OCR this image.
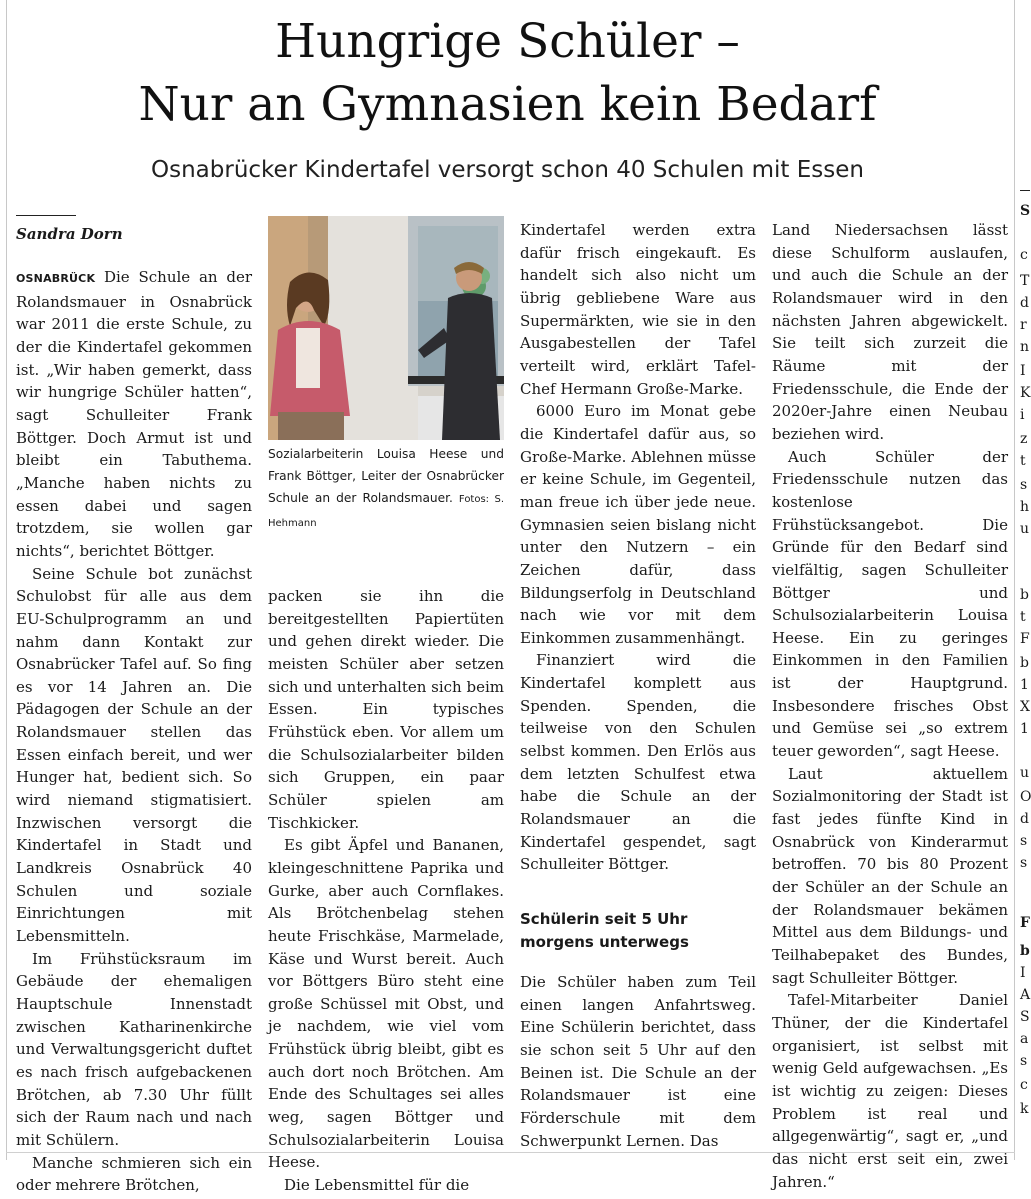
Hungrige Schüler –
Nur an Gymnasien kein Bedarf
Osnabrücker Kindertafel versorgt schon 40 Schulen mit Essen
Sandra Dorn

OSNABRÜCK Die Schule an der Rolandsmauer in Osnabrück war 2011 die erste Schule, zu der die Kindertafel gekommen ist. „Wir haben gemerkt, dass wir hungrige Schüler hatten“, sagt Schulleiter Frank Böttger. Doch Armut ist und bleibt ein Tabuthema. „Manche haben nichts zu essen dabei und sagen trotzdem, sie wollen gar nichts“, berichtet Böttger.

Seine Schule bot zunächst Schulobst für alle aus dem EU-Schulprogramm an und nahm dann Kontakt zur Osnabrücker Tafel auf. So fing es vor 14 Jahren an. Die Pädagogen der Schule an der Rolandsmauer stellen das Essen einfach bereit, und wer Hunger hat, bedient sich. So wird niemand stigmatisiert. Inzwischen versorgt die Kindertafel in Stadt und Landkreis Osnabrück 40 Schulen und soziale Einrichtungen mit Lebensmitteln.

Im Frühstücksraum im Gebäude der ehemaligen Hauptschule Innenstadt zwischen Katharinenkirche und Verwaltungsgericht duftet es nach frisch aufgebackenen Brötchen, ab 7.30 Uhr füllt sich der Raum nach und nach mit Schülern.

Manche schmieren sich ein oder mehrere Brötchen,

Sozialarbeiterin Louisa Heese und Frank Böttger, Leiter der Osnabrücker Schule an der Rolandsmauer. Fotos: S. Hehmann

packen sie ihn die bereitgestellten Papiertüten und gehen direkt wieder. Die meisten Schüler aber setzen sich und unterhalten sich beim Essen. Ein typisches Frühstück eben. Vor allem um die Schulsozialarbeiter bilden sich Gruppen, ein paar Schüler spielen am Tischkicker.

Es gibt Äpfel und Bananen, kleingeschnittene Paprika und Gurke, aber auch Cornflakes. Als Brötchenbelag stehen heute Frischkäse, Marmelade, Käse und Wurst bereit. Auch vor Böttgers Büro steht eine große Schüssel mit Obst, und je nachdem, wie viel vom Frühstück übrig bleibt, gibt es auch dort noch Brötchen. Am Ende des Schultages sei alles weg, sagen Böttger und Schulsozialarbeiterin Louisa Heese.

Die Lebensmittel für die

Kindertafel werden extra dafür frisch eingekauft. Es handelt sich also nicht um übrig gebliebene Ware aus Supermärkten, wie sie in den Ausgabestellen der Tafel verteilt wird, erklärt Tafel-Chef Hermann Große-Marke.

6000 Euro im Monat gebe die Kindertafel dafür aus, so Große-Marke. Ablehnen müsse er keine Schule, im Gegenteil, man freue ich über jede neue. Gymnasien seien bislang nicht unter den Nutzern – ein Zeichen dafür, dass Bildungserfolg in Deutschland nach wie vor mit dem Einkommen zusammenhängt.

Finanziert wird die Kindertafel komplett aus Spenden. Spenden, die teilweise von den Schulen selbst kommen. Den Erlös aus dem letzten Schulfest etwa habe die Schule an der Rolandsmauer an die Kindertafel gespendet, sagt Schulleiter Böttger.

Schülerin seit 5 Uhr morgens unterwegs

Die Schüler haben zum Teil einen langen Anfahrtsweg. Eine Schülerin berichtet, dass sie schon seit 5 Uhr auf den Beinen ist. Die Schule an der Rolandsmauer ist eine Förderschule mit dem Schwerpunkt Lernen. Das

Land Niedersachsen lässt diese Schulform auslaufen, und auch die Schule an der Rolandsmauer wird in den nächsten Jahren abgewickelt. Sie teilt sich zurzeit die Räume mit der Friedensschule, die Ende der 2020er-Jahre einen Neubau beziehen wird.

Auch Schüler der Friedensschule nutzen das kostenlose Frühstücksangebot. Die Gründe für den Bedarf sind vielfältig, sagen Schulleiter Böttger und Schulsozialarbeiterin Louisa Heese. Ein zu geringes Einkommen in den Familien ist der Hauptgrund. Insbesondere frisches Obst und Gemüse sei „so extrem teuer geworden“, sagt Heese.

Laut aktuellem Sozialmonitoring der Stadt ist fast jedes fünfte Kind in Osnabrück von Kinderarmut betroffen. 70 bis 80 Prozent der Schüler an der Schule an der Rolandsmauer bekämen Mittel aus dem Bildungs- und Teilhabepaket des Bundes, sagt Schulleiter Böttger.

Tafel-Mitarbeiter Daniel Thüner, der die Kindertafel organisiert, ist selbst mit wenig Geld aufgewachsen. „Es ist wichtig zu zeigen: Dieses Problem ist real und allgegenwärtig“, sagt er, „und das nicht erst seit ein, zwei Jahren.“

S
c
T
d
r
n
I
K
i
z
t
s
h
u
b
t
F
b
1
X
1
u
O
d
s
s
F
b
I
A
S
a
s
c
k
